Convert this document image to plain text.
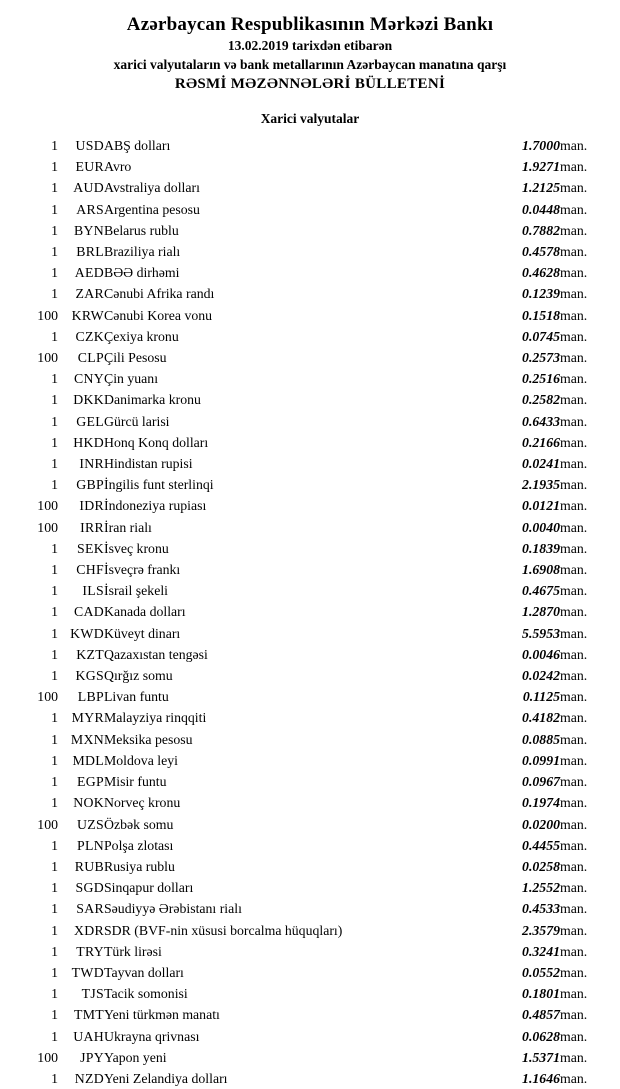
Azərbaycan Respublikasının Mərkəzi Bankı
13.02.2019 tarixdən etibarən
xarici valyutaların və bank metallarının Azərbaycan manatına qarşı
RƏSMİ MƏZƏNNƏLƏRİ BÜLLETENİ
Xarici valyutalar
1	USD	ABŞ dolları	1.7000	man.
1	EUR	Avro	1.9271	man.
1	AUD	Avstraliya dolları	1.2125	man.
1	ARS	Argentina pesosu	0.0448	man.
1	BYN	Belarus rublu	0.7882	man.
1	BRL	Braziliya rialı	0.4578	man.
1	AED	BƏƏ dirhəmi	0.4628	man.
1	ZAR	Cənubi Afrika randı	0.1239	man.
100	KRW	Cənubi Korea vonu	0.1518	man.
1	CZK	Çexiya kronu	0.0745	man.
100	CLP	Çili Pesosu	0.2573	man.
1	CNY	Çin yuanı	0.2516	man.
1	DKK	Danimarka kronu	0.2582	man.
1	GEL	Gürcü larisi	0.6433	man.
1	HKD	Honq Konq dolları	0.2166	man.
1	INR	Hindistan rupisi	0.0241	man.
1	GBP	İngilis funt sterlinqi	2.1935	man.
100	IDR	İndoneziya rupiası	0.0121	man.
100	IRR	İran rialı	0.0040	man.
1	SEK	İsveç kronu	0.1839	man.
1	CHF	İsveçrə frankı	1.6908	man.
1	ILS	İsrail şekeli	0.4675	man.
1	CAD	Kanada dolları	1.2870	man.
1	KWD	Küveyt dinarı	5.5953	man.
1	KZT	Qazaxıstan tengəsi	0.0046	man.
1	KGS	Qırğız somu	0.0242	man.
100	LBP	Livan funtu	0.1125	man.
1	MYR	Malayziya rinqqiti	0.4182	man.
1	MXN	Meksika pesosu	0.0885	man.
1	MDL	Moldova leyi	0.0991	man.
1	EGP	Misir funtu	0.0967	man.
1	NOK	Norveç kronu	0.1974	man.
100	UZS	Özbək somu	0.0200	man.
1	PLN	Polşa zlotası	0.4455	man.
1	RUB	Rusiya rublu	0.0258	man.
1	SGD	Sinqapur dolları	1.2552	man.
1	SAR	Səudiyyə Ərəbistanı rialı	0.4533	man.
1	XDR	SDR (BVF-nin xüsusi borcalma hüquqları)	2.3579	man.
1	TRY	Türk lirəsi	0.3241	man.
1	TWD	Tayvan dolları	0.0552	man.
1	TJS	Tacik somonisi	0.1801	man.
1	TMT	Yeni türkmən manatı	0.4857	man.
1	UAH	Ukrayna qrivnası	0.0628	man.
100	JPY	Yapon yeni	1.5371	man.
1	NZD	Yeni Zelandiya dolları	1.1646	man.
